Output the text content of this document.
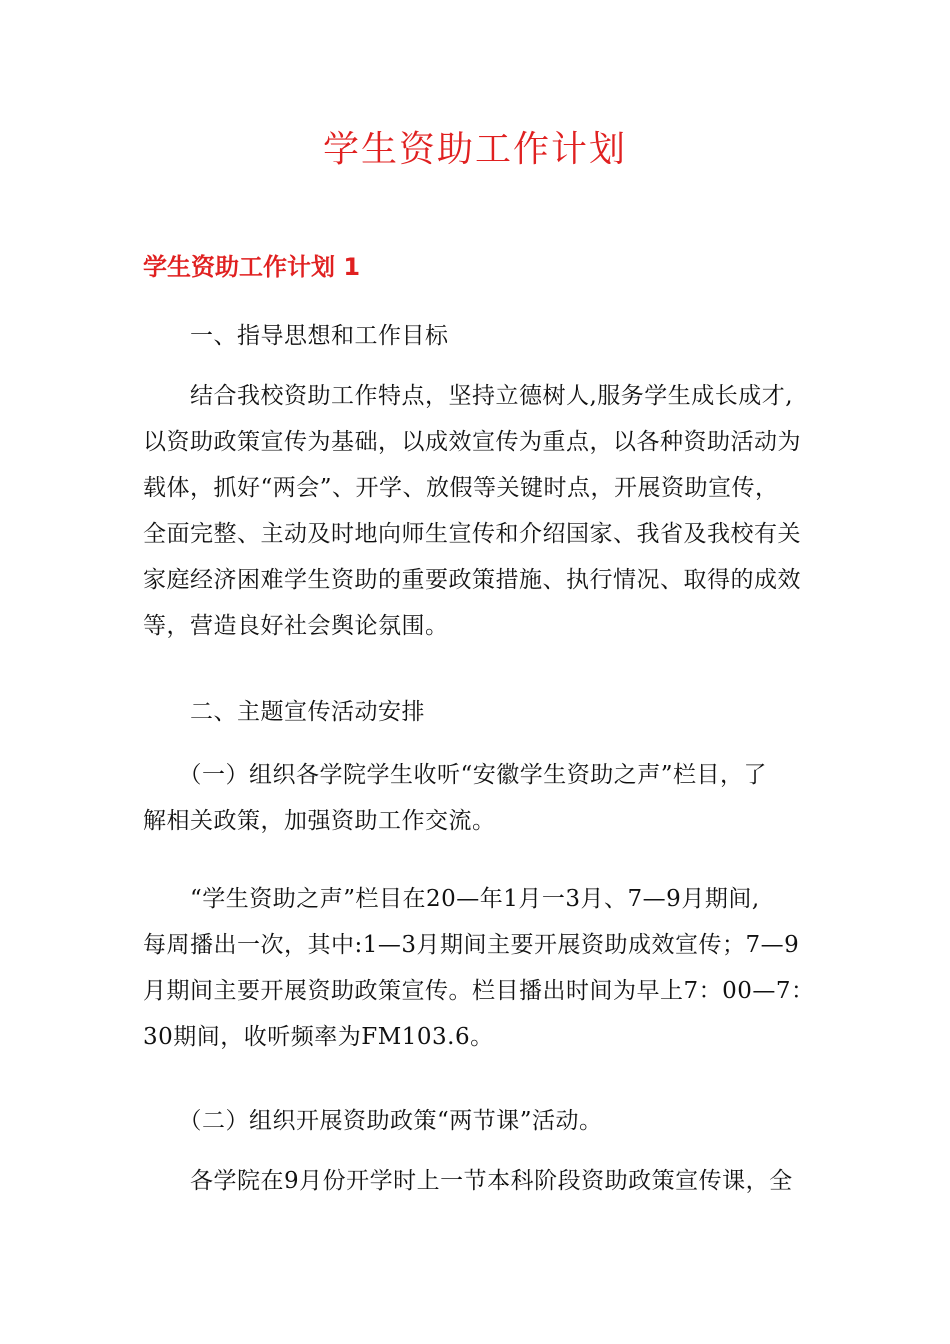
学生资助工作计划
学生资助工作计划 1

　　一、指导思想和工作目标

　　结合我校资助工作特点，坚持立德树人,服务学生成长成才,
以资助政策宣传为基础，以成效宣传为重点，以各种资助活动为
载体，抓好“两会”、开学、放假等关键时点，开展资助宣传，
全面完整、主动及时地向师生宣传和介绍国家、我省及我校有关
家庭经济困难学生资助的重要政策措施、执行情况、取得的成效
等，营造良好社会舆论氛围。

　　二、主题宣传活动安排

　　（一）组织各学院学生收听“安徽学生资助之声”栏目，了
解相关政策，加强资助工作交流。

　　“学生资助之声”栏目在20—年1月一3月、7—9月期间,
每周播出一次，其中:1—3月期间主要开展资助成效宣传；7—9
月期间主要开展资助政策宣传。栏目播出时间为早上7：00—7：
30期间，收听频率为FM103.6。

　　（二）组织开展资助政策“两节课”活动。

　　各学院在9月份开学时上一节本科阶段资助政策宣传课，全
